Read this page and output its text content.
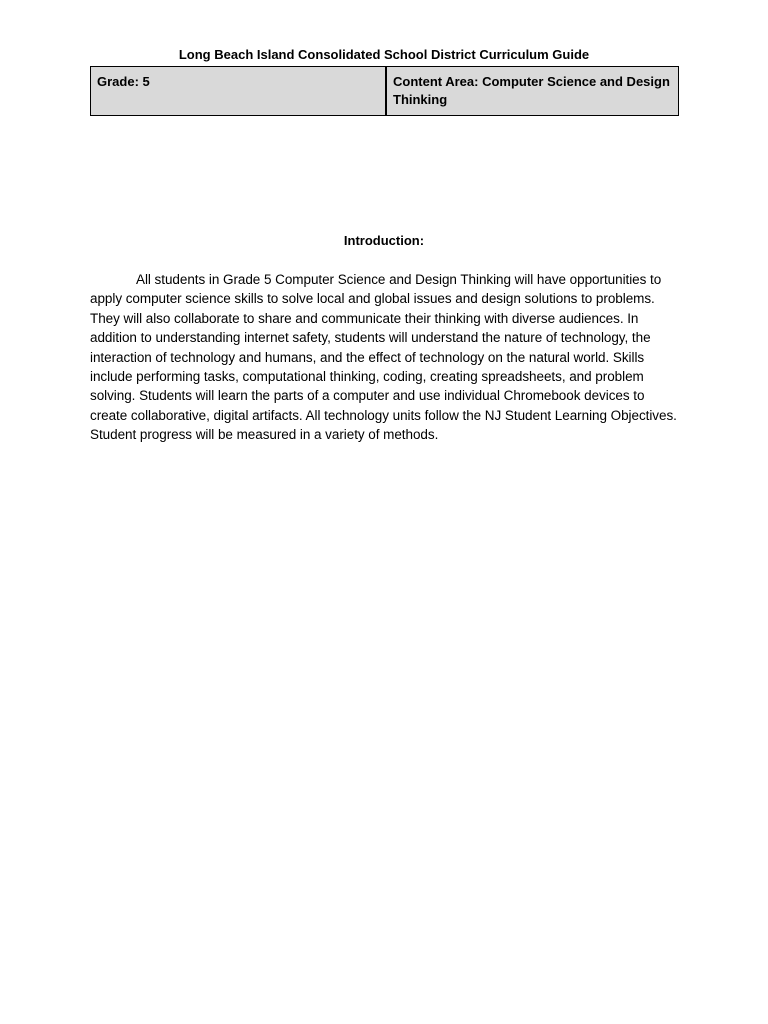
Long Beach Island Consolidated School District Curriculum Guide
Grade: 5	Content Area: Computer Science and Design Thinking
Introduction:

All students in Grade 5 Computer Science and Design Thinking will have opportunities to apply computer science skills to solve local and global issues and design solutions to problems. They will also collaborate to share and communicate their thinking with diverse audiences. In addition to understanding internet safety, students will understand the nature of technology, the interaction of technology and humans, and the effect of technology on the natural world. Skills include performing tasks, computational thinking, coding, creating spreadsheets, and problem solving. Students will learn the parts of a computer and use individual Chromebook devices to create collaborative, digital artifacts. All technology units follow the NJ Student Learning Objectives. Student progress will be measured in a variety of methods.
